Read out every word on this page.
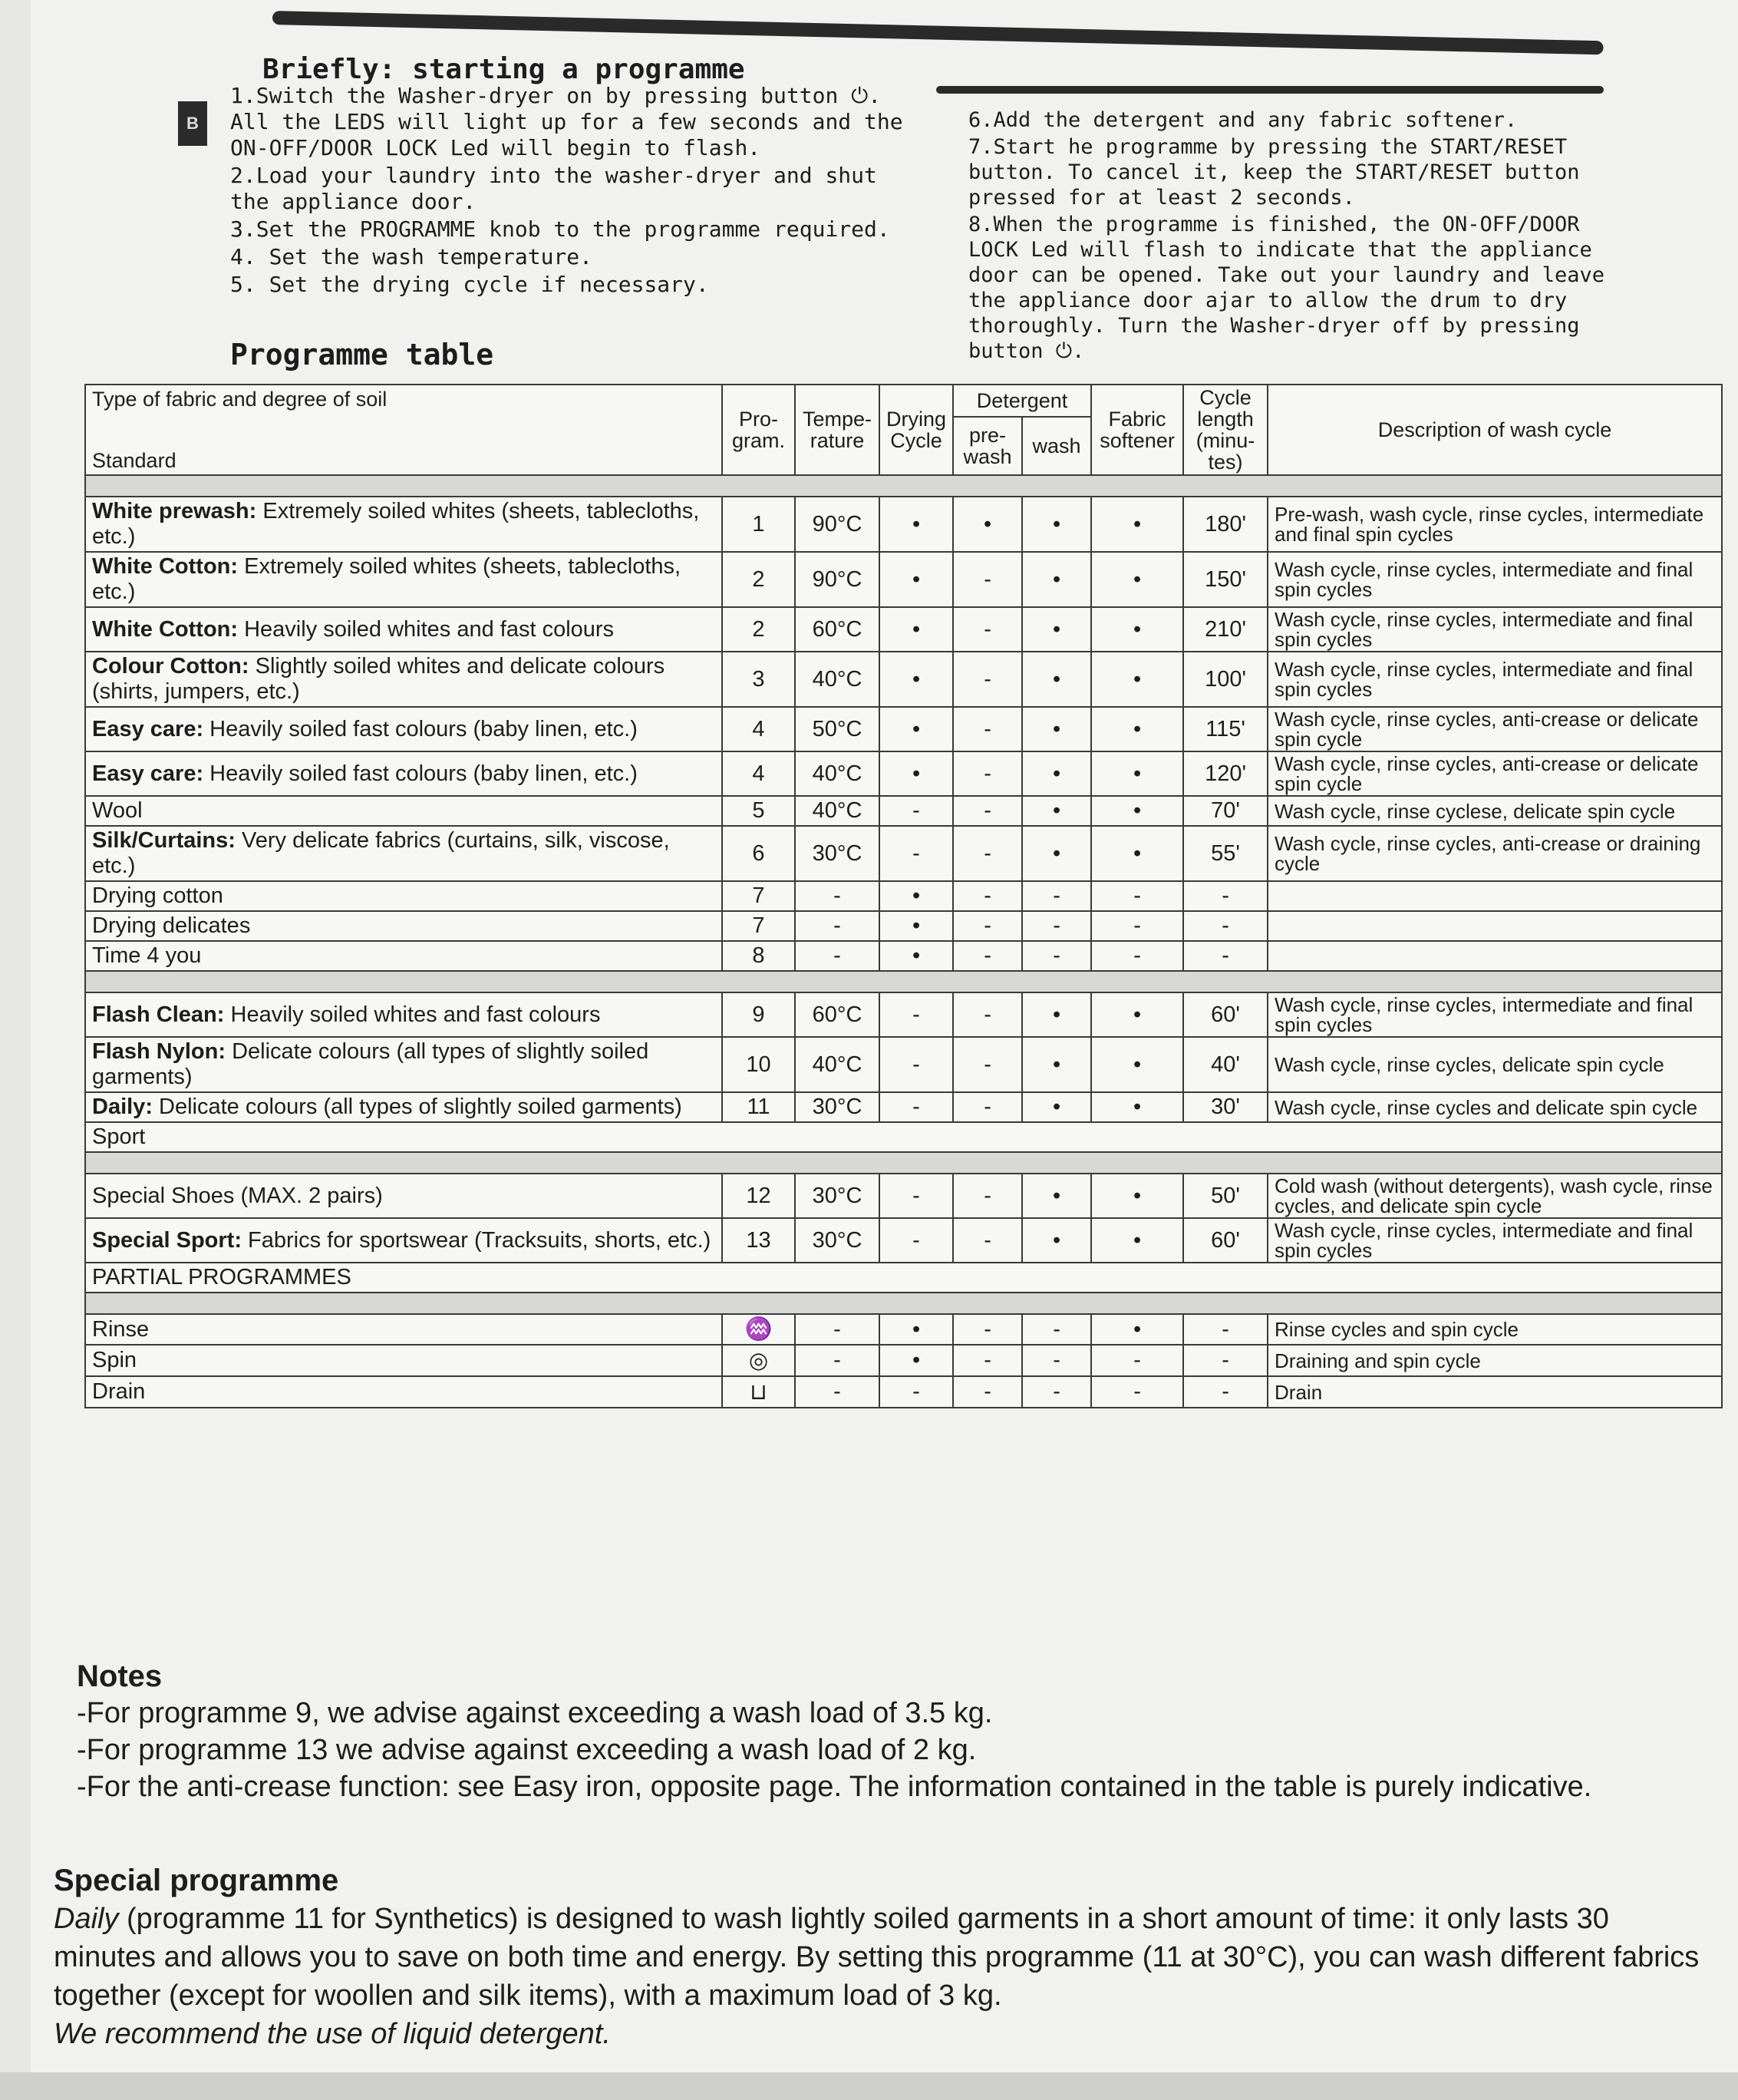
B
Briefly: starting a programme
1.Switch the Washer-dryer on by pressing button ⏻. All the LEDS will light up for a few seconds and the ON-OFF/DOOR LOCK Led will begin to flash.
2.Load your laundry into the washer-dryer and shut the appliance door.
3.Set the PROGRAMME knob to the programme required.
4. Set the wash temperature.
5. Set the drying cycle if necessary.
6.Add the detergent and any fabric softener.
7.Start he programme by pressing the START/RESET button. To cancel it, keep the START/RESET button pressed for at least 2 seconds.
8.When the programme is finished, the ON-OFF/DOOR LOCK Led will flash to indicate that the appliance door can be opened. Take out your laundry and leave the appliance door ajar to allow the drum to dry thoroughly. Turn the Washer-dryer off by pressing button ⏻.
Programme table
Type of fabric and degree of soil
Standard	Pro-gram.	Tempe-rature	Drying Cycle	Detergent		Fabric softener	Cycle length (minu-tes)	Description of wash cycle
				pre-wash	wash			

White prewash: Extremely soiled whites (sheets, tablecloths, etc.)	1	90°C	•	•	•	•	180'	Pre-wash, wash cycle, rinse cycles, intermediate and final spin cycles
White Cotton: Extremely soiled whites (sheets, tablecloths, etc.)	2	90°C	•	-	•	•	150'	Wash cycle, rinse cycles, intermediate and final spin cycles
White Cotton: Heavily soiled whites and fast colours	2	60°C	•	-	•	•	210'	Wash cycle, rinse cycles, intermediate and final spin cycles
Colour Cotton: Slightly soiled whites and delicate colours (shirts, jumpers, etc.)	3	40°C	•	-	•	•	100'	Wash cycle, rinse cycles, intermediate and final spin cycles
Easy care: Heavily soiled fast colours (baby linen, etc.)	4	50°C	•	-	•	•	115'	Wash cycle, rinse cycles, anti-crease or delicate spin cycle
Easy care: Heavily soiled fast colours (baby linen, etc.)	4	40°C	•	-	•	•	120'	Wash cycle, rinse cycles, anti-crease or delicate spin cycle
Wool	5	40°C	-	-	•	•	70'	Wash cycle, rinse cyclese, delicate spin cycle
Silk/Curtains: Very delicate fabrics (curtains, silk, viscose, etc.)	6	30°C	-	-	•	•	55'	Wash cycle, rinse cycles, anti-crease or draining cycle
Drying cotton	7	-	•	-	-	-	-	
Drying delicates	7	-	•	-	-	-	-	
Time 4 you	8	-	•	-	-	-	-	

Flash Clean: Heavily soiled whites and fast colours	9	60°C	-	-	•	•	60'	Wash cycle, rinse cycles, intermediate and final spin cycles
Flash Nylon: Delicate colours (all types of slightly soiled garments)	10	40°C	-	-	•	•	40'	Wash cycle, rinse cycles, delicate spin cycle
Daily: Delicate colours (all types of slightly soiled garments)	11	30°C	-	-	•	•	30'	Wash cycle, rinse cycles and delicate spin cycle
Sport								

Special Shoes (MAX. 2 pairs)	12	30°C	-	-	•	•	50'	Cold wash (without detergents), wash cycle, rinse cycles, and delicate spin cycle
Special Sport: Fabrics for sportswear (Tracksuits, shorts, etc.)	13	30°C	-	-	•	•	60'	Wash cycle, rinse cycles, intermediate and final spin cycles
PARTIAL PROGRAMMES								

Rinse	♒	-	•	-	-	•	-	Rinse cycles and spin cycle
Spin	◎	-	•	-	-	-	-	Draining and spin cycle
Drain	⊔	-	-	-	-	-	-	Drain
Notes
-For programme 9, we advise against exceeding a wash load of 3.5 kg.
-For programme 13 we advise against exceeding a wash load of 2 kg.
-For the anti-crease function: see Easy iron, opposite page. The information contained in the table is purely indicative.
Special programme
Daily (programme 11 for Synthetics) is designed to wash lightly soiled garments in a short amount of time: it only lasts 30 minutes and allows you to save on both time and energy. By setting this programme (11 at 30°C), you can wash different fabrics together (except for woollen and silk items), with a maximum load of 3 kg.
We recommend the use of liquid detergent.
